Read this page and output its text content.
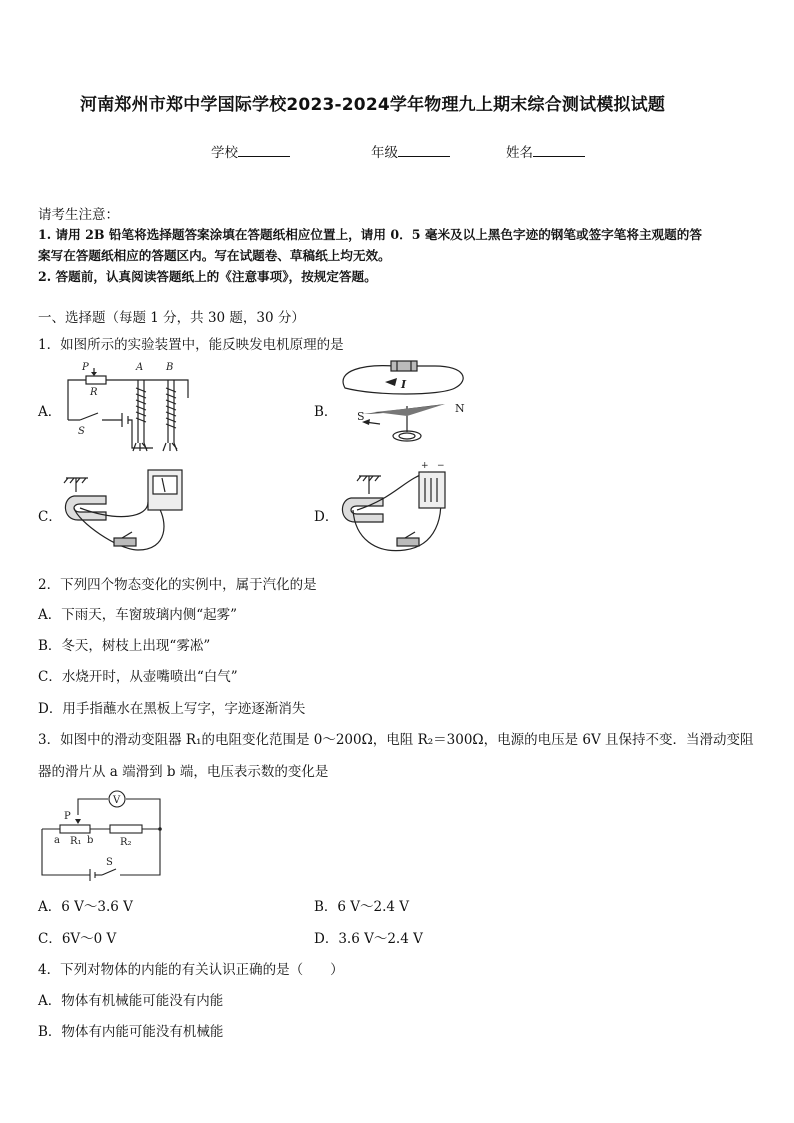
河南郑州市郑中学国际学校2023-2024学年物理九上期末综合测试模拟试题
学校	年级	姓名
请考生注意：
1. 请用 2B 铅笔将选择题答案涂填在答题纸相应位置上，请用 0．5 毫米及以上黑色字迹的钢笔或签字笔将主观题的答
案写在答题纸相应的答题区内。写在试题卷、草稿纸上均无效。
2. 答题前，认真阅读答题纸上的《注意事项》，按规定答题。
一、选择题（每题 1 分，共 30 题，30 分）
1．如图所示的实验装置中，能反映发电机原理的是
A．	B．
C．	D．
P
R
A B
S
I
S
N
+ −
2．下列四个物态变化的实例中，属于汽化的是
A．下雨天，车窗玻璃内侧“起雾”
B．冬天，树枝上出现“雾凇”
C．水烧开时，从壶嘴喷出“白气”
D．用手指蘸水在黑板上写字，字迹逐渐消失
3．如图中的滑动变阻器 R₁的电阻变化范围是 0～200Ω，电阻 R₂＝300Ω，电源的电压是 6V 且保持不变．当滑动变阻
器的滑片从 a 端滑到 b 端，电压表示数的变化是
V
P
a R₁ b	R₂
S
A．6 V～3.6 V	B．6 V～2.4 V
C．6V～0 V	D．3.6 V～2.4 V
4．下列对物体的内能的有关认识正确的是（　　）
A．物体有机械能可能没有内能
B．物体有内能可能没有机械能
